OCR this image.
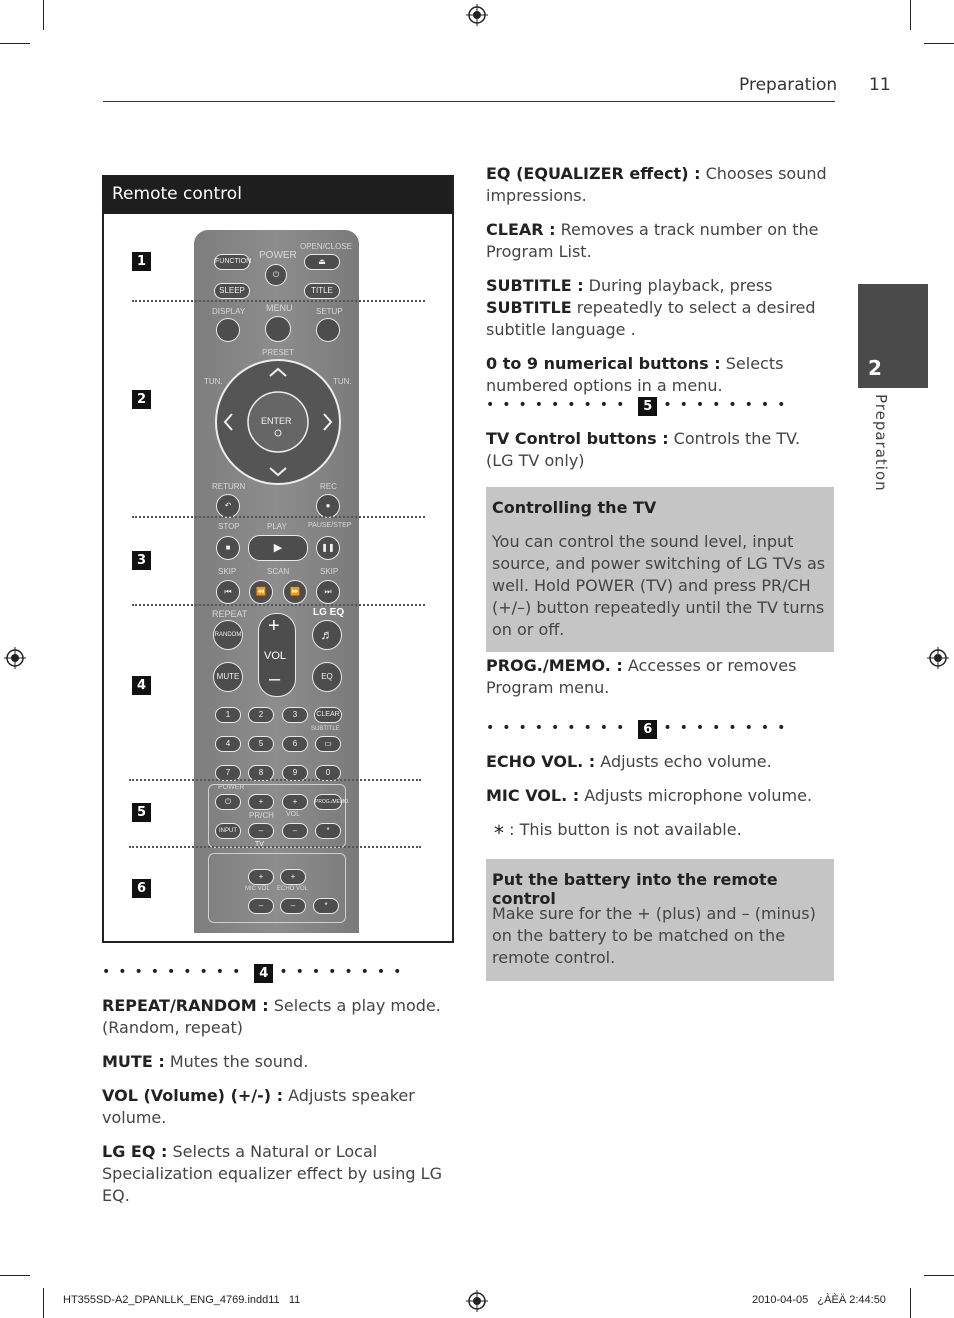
Preparation 11
2
Preparation
Remote control
1
2
3
4
5
6
FUNCTION
POWER
⏻
OPEN/CLOSE
⏏
SLEEP	TITLE
DISPLAY MENU	SETUP
PRESET
TUN.	TUN.
ENTER
RETURN	REC
↶	●
STOP	PLAY	PAUSE/STEP
■	▶	❚❚
SKIP	SCAN	SKIP
⏮	⏪	⏩	⏭
REPEAT	LG EQ
RANDOM	♬
+
VOL
–
MUTE	EQ
1	2	3	CLEAR
SUBTITLE
4	5	6	▭
7	8	9	0
POWER
⏻	+	+	PROG./MEMO.
PR/CH VOL
INPUT	–	–	*
TV
+	+
MIC VOL ECHO VOL
–	–	*
••••••••• 4 ••••••••

REPEAT/RANDOM : Selects a play mode.(Random, repeat)

MUTE : Mutes the sound.

VOL (Volume) (+/-) : Adjusts speaker volume.

LG EQ : Selects a Natural or Local Specialization equalizer effect by using LG EQ.

EQ (EQUALIZER effect) : Chooses sound impressions.

CLEAR : Removes a track number on the Program List.

SUBTITLE : During playback, press SUBTITLE repeatedly to select a desired subtitle language .

0 to 9 numerical buttons : Selects numbered options in a menu.

••••••••• 5 ••••••••
TV Control buttons : Controls the TV. (LG TV only)
Controlling the TV
You can control the sound level, input source, and power switching of LG TVs as well. Hold POWER (TV) and press PR/CH (+/–) button repeatedly until the TV turns on or off.
PROG./MEMO. : Accesses or removes Program menu.
••••••••• 6 ••••••••

ECHO VOL. : Adjusts echo volume.

MIC VOL. : Adjusts microphone volume.

* : This button is not available.

Put the battery into the remote control
Make sure for the + (plus) and – (minus) on the battery to be matched on the remote control.
HT355SD-A2_DPANLLK_ENG_4769.indd11   11	2010-04-05   ¿ÀÈÄ 2:44:50
